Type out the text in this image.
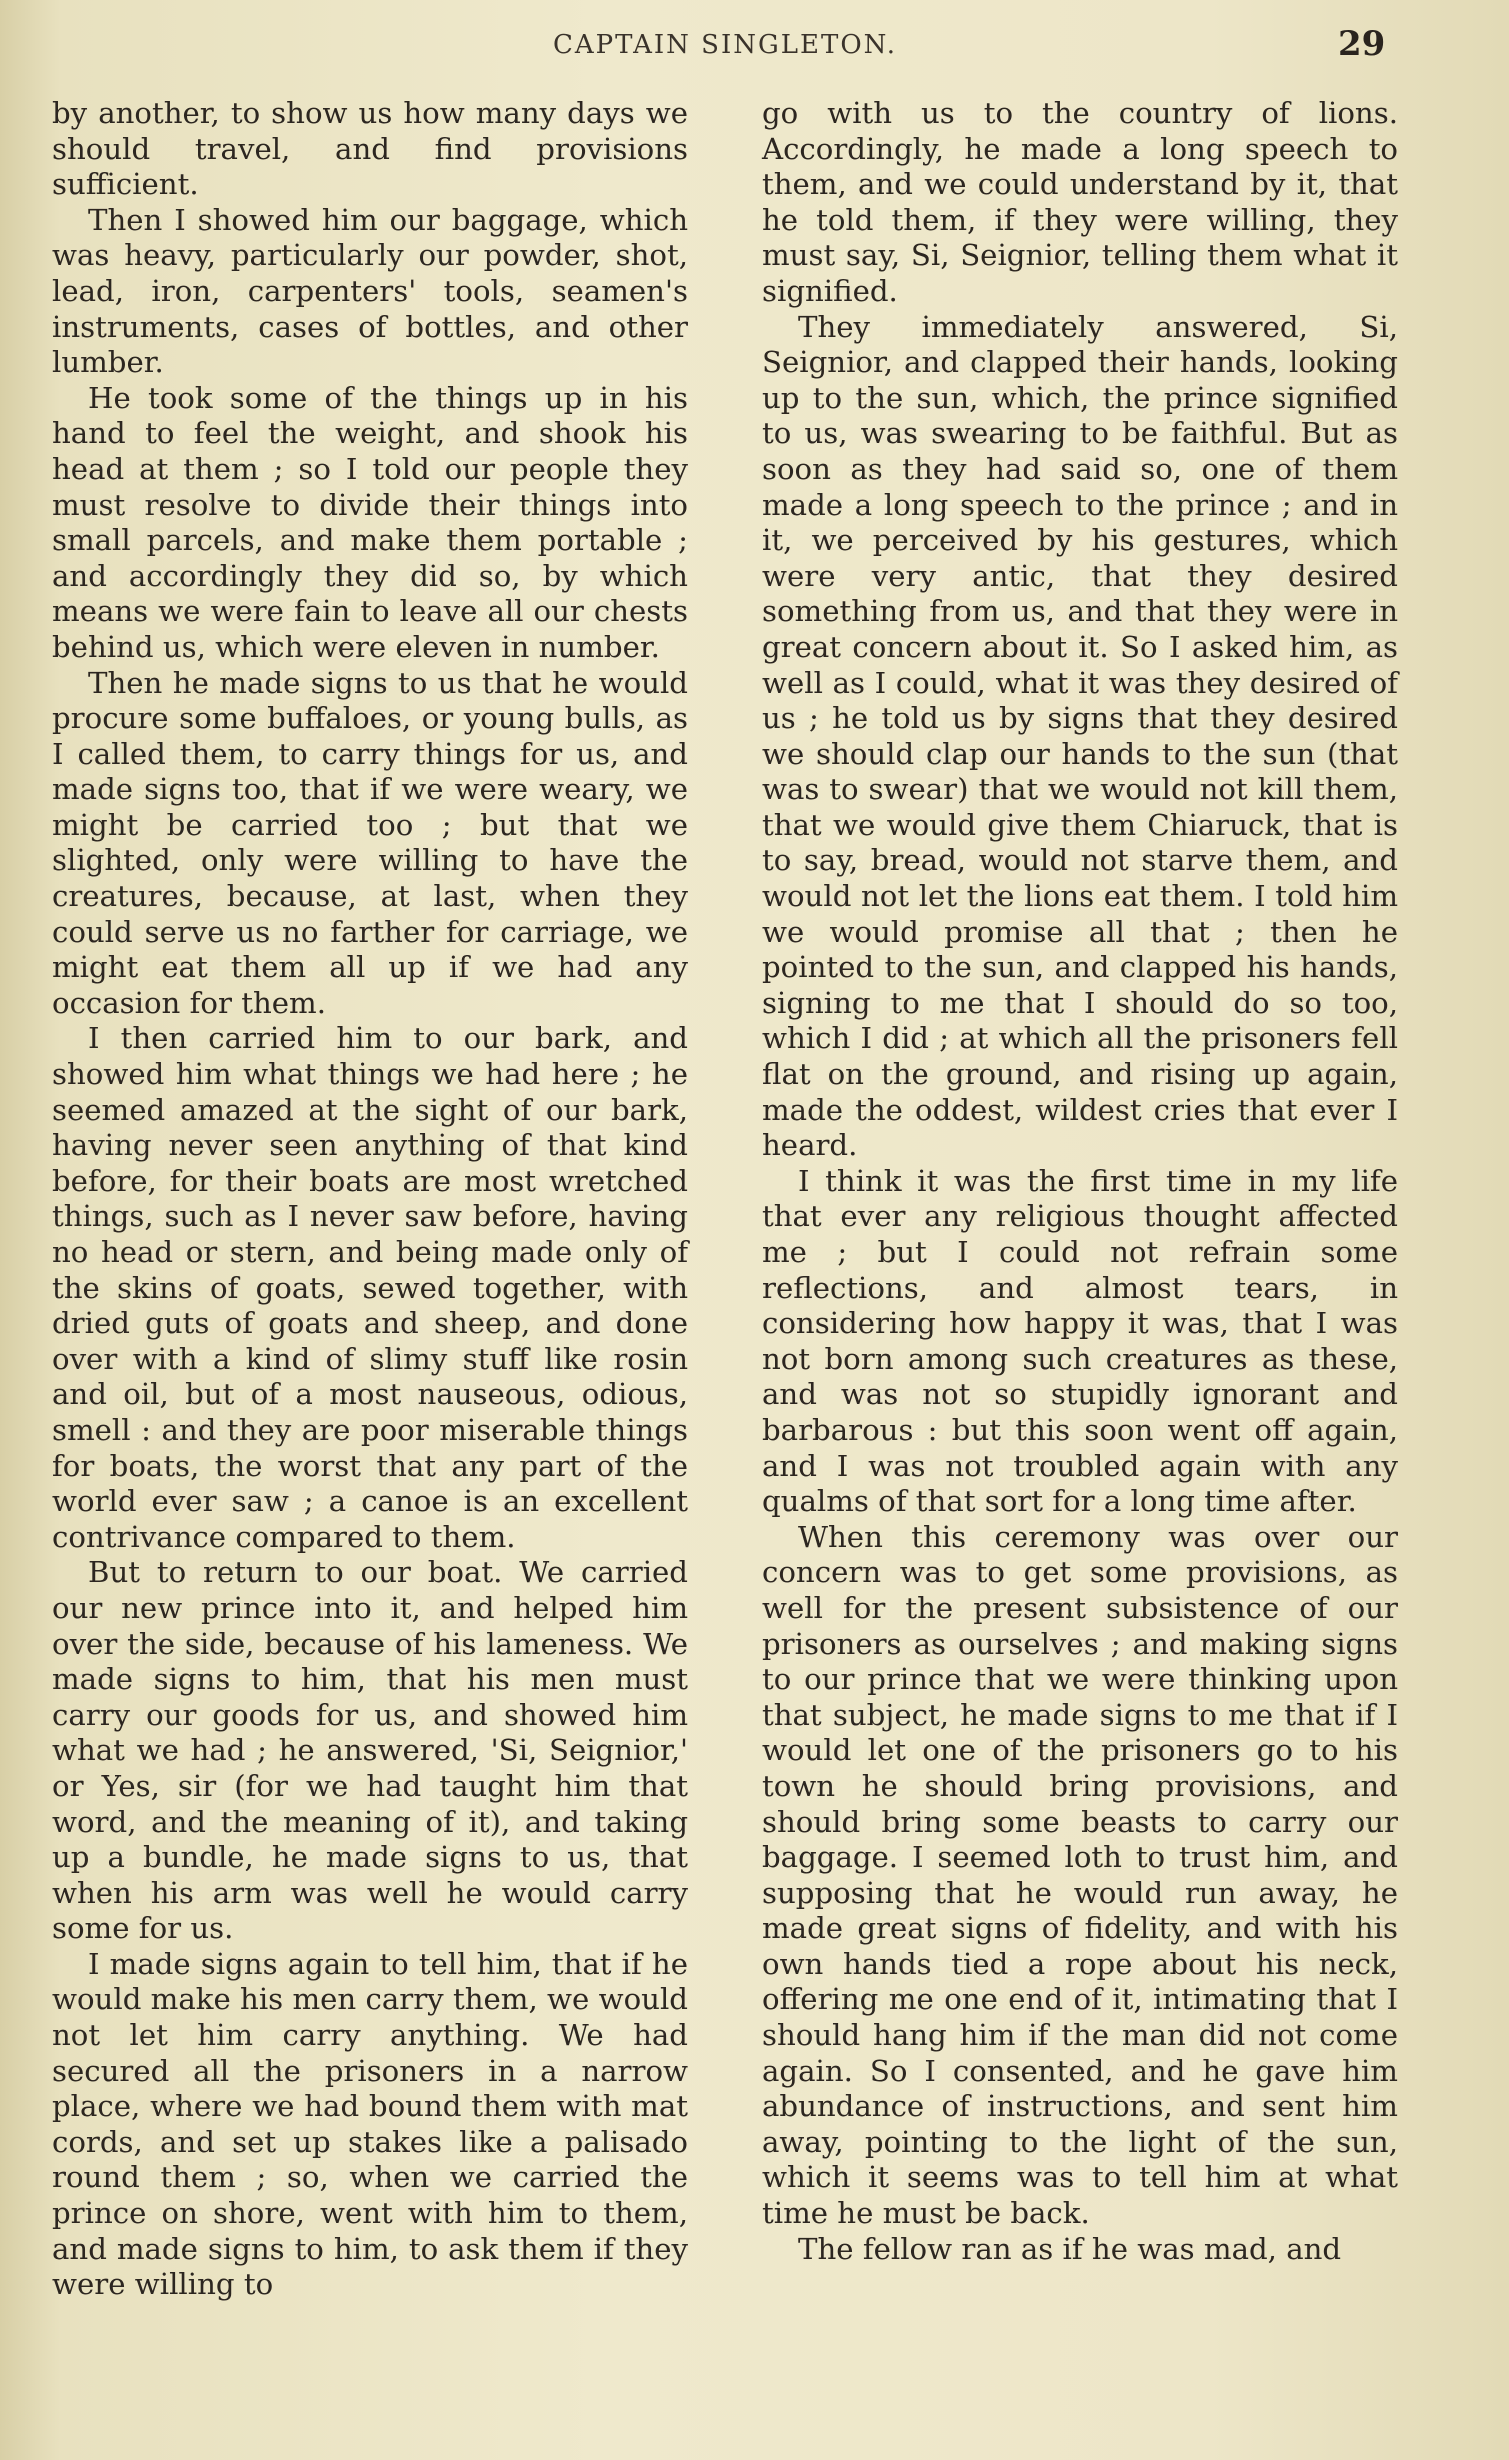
CAPTAIN SINGLETON.	29

by another, to show us how many days we should travel, and find provisions sufficient.

Then I showed him our baggage, which was heavy, particularly our powder, shot, lead, iron, carpenters' tools, seamen's instruments, cases of bottles, and other lumber.

He took some of the things up in his hand to feel the weight, and shook his head at them ; so I told our people they must resolve to divide their things into small parcels, and make them portable ; and accordingly they did so, by which means we were fain to leave all our chests behind us, which were eleven in number.

Then he made signs to us that he would procure some buffaloes, or young bulls, as I called them, to carry things for us, and made signs too, that if we were weary, we might be carried too ; but that we slighted, only were willing to have the creatures, because, at last, when they could serve us no farther for carriage, we might eat them all up if we had any occasion for them.

I then carried him to our bark, and showed him what things we had here ; he seemed amazed at the sight of our bark, having never seen anything of that kind before, for their boats are most wretched things, such as I never saw before, having no head or stern, and being made only of the skins of goats, sewed together, with dried guts of goats and sheep, and done over with a kind of slimy stuff like rosin and oil, but of a most nauseous, odious, smell : and they are poor miserable things for boats, the worst that any part of the world ever saw ; a canoe is an excellent contrivance compared to them.

But to return to our boat. We carried our new prince into it, and helped him over the side, because of his lameness. We made signs to him, that his men must carry our goods for us, and showed him what we had ; he answered, 'Si, Seignior,' or Yes, sir (for we had taught him that word, and the meaning of it), and taking up a bundle, he made signs to us, that when his arm was well he would carry some for us.

I made signs again to tell him, that if he would make his men carry them, we would not let him carry anything. We had secured all the prisoners in a narrow place, where we had bound them with mat cords, and set up stakes like a palisado round them ; so, when we carried the prince on shore, went with him to them, and made signs to him, to ask them if they were willing to

go with us to the country of lions. Accordingly, he made a long speech to them, and we could understand by it, that he told them, if they were willing, they must say, Si, Seignior, telling them what it signified.

They immediately answered, Si, Seignior, and clapped their hands, looking up to the sun, which, the prince signified to us, was swearing to be faithful. But as soon as they had said so, one of them made a long speech to the prince ; and in it, we perceived by his gestures, which were very antic, that they desired something from us, and that they were in great concern about it. So I asked him, as well as I could, what it was they desired of us ; he told us by signs that they desired we should clap our hands to the sun (that was to swear) that we would not kill them, that we would give them Chiaruck, that is to say, bread, would not starve them, and would not let the lions eat them. I told him we would promise all that ; then he pointed to the sun, and clapped his hands, signing to me that I should do so too, which I did ; at which all the prisoners fell flat on the ground, and rising up again, made the oddest, wildest cries that ever I heard.

I think it was the first time in my life that ever any religious thought affected me ; but I could not refrain some reflections, and almost tears, in considering how happy it was, that I was not born among such creatures as these, and was not so stupidly ignorant and barbarous : but this soon went off again, and I was not troubled again with any qualms of that sort for a long time after.

When this ceremony was over our concern was to get some provisions, as well for the present subsistence of our prisoners as ourselves ; and making signs to our prince that we were thinking upon that subject, he made signs to me that if I would let one of the prisoners go to his town he should bring provisions, and should bring some beasts to carry our baggage. I seemed loth to trust him, and supposing that he would run away, he made great signs of fidelity, and with his own hands tied a rope about his neck, offering me one end of it, intimating that I should hang him if the man did not come again. So I consented, and he gave him abundance of instructions, and sent him away, pointing to the light of the sun, which it seems was to tell him at what time he must be back.

The fellow ran as if he was mad, and
